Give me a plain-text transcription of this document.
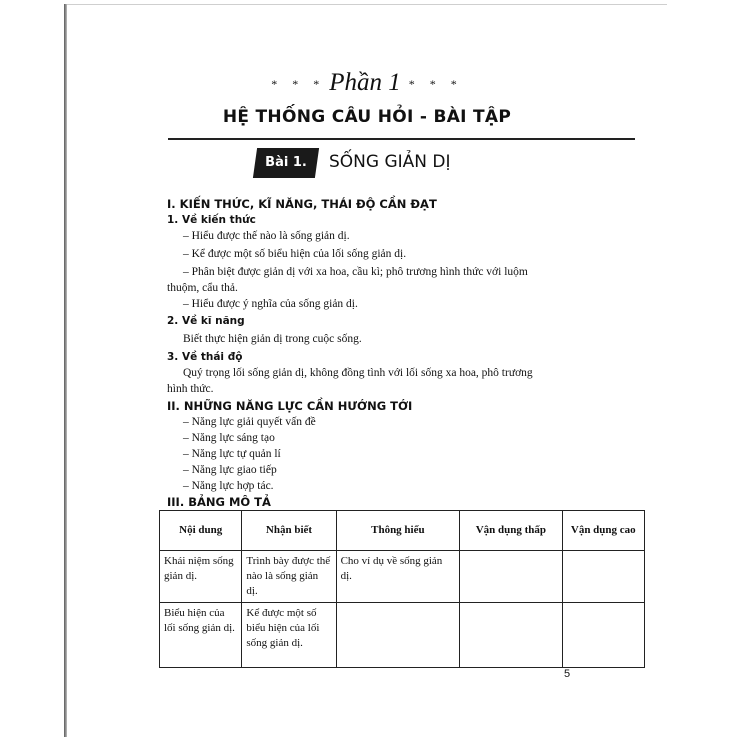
* * * Phần 1 * * *
HỆ THỐNG CÂU HỎI - BÀI TẬP
Bài 1.	SỐNG GIẢN DỊ
I. KIẾN THỨC, KĨ NĂNG, THÁI ĐỘ CẦN ĐẠT
1. Về kiến thức
– Hiểu được thế nào là sống giản dị.
– Kể được một số biểu hiện của lối sống giản dị.
– Phân biệt được giản dị với xa hoa, cầu kì; phô trương hình thức với luộm
thuộm, cẩu thả.
– Hiểu được ý nghĩa của sống giản dị.
2. Về kĩ năng
Biết thực hiện giản dị trong cuộc sống.
3. Về thái độ
Quý trọng lối sống giản dị, không đồng tình với lối sống xa hoa, phô trương
hình thức.
II. NHỮNG NĂNG LỰC CẦN HƯỚNG TỚI
– Năng lực giải quyết vấn đề
– Năng lực sáng tạo
– Năng lực tự quản lí
– Năng lực giao tiếp
– Năng lực hợp tác.
III. BẢNG MÔ TẢ
Nội dung	Nhận biết	Thông hiểu	Vận dụng thấp	Vận dụng cao
Khái niệm sống giản dị.	Trình bày được thế nào là sống giản dị.	Cho ví dụ về sống giản dị.		
Biểu hiện của lối sống giản dị.	Kể được một số biểu hiện của lối sống giản dị.			
5
